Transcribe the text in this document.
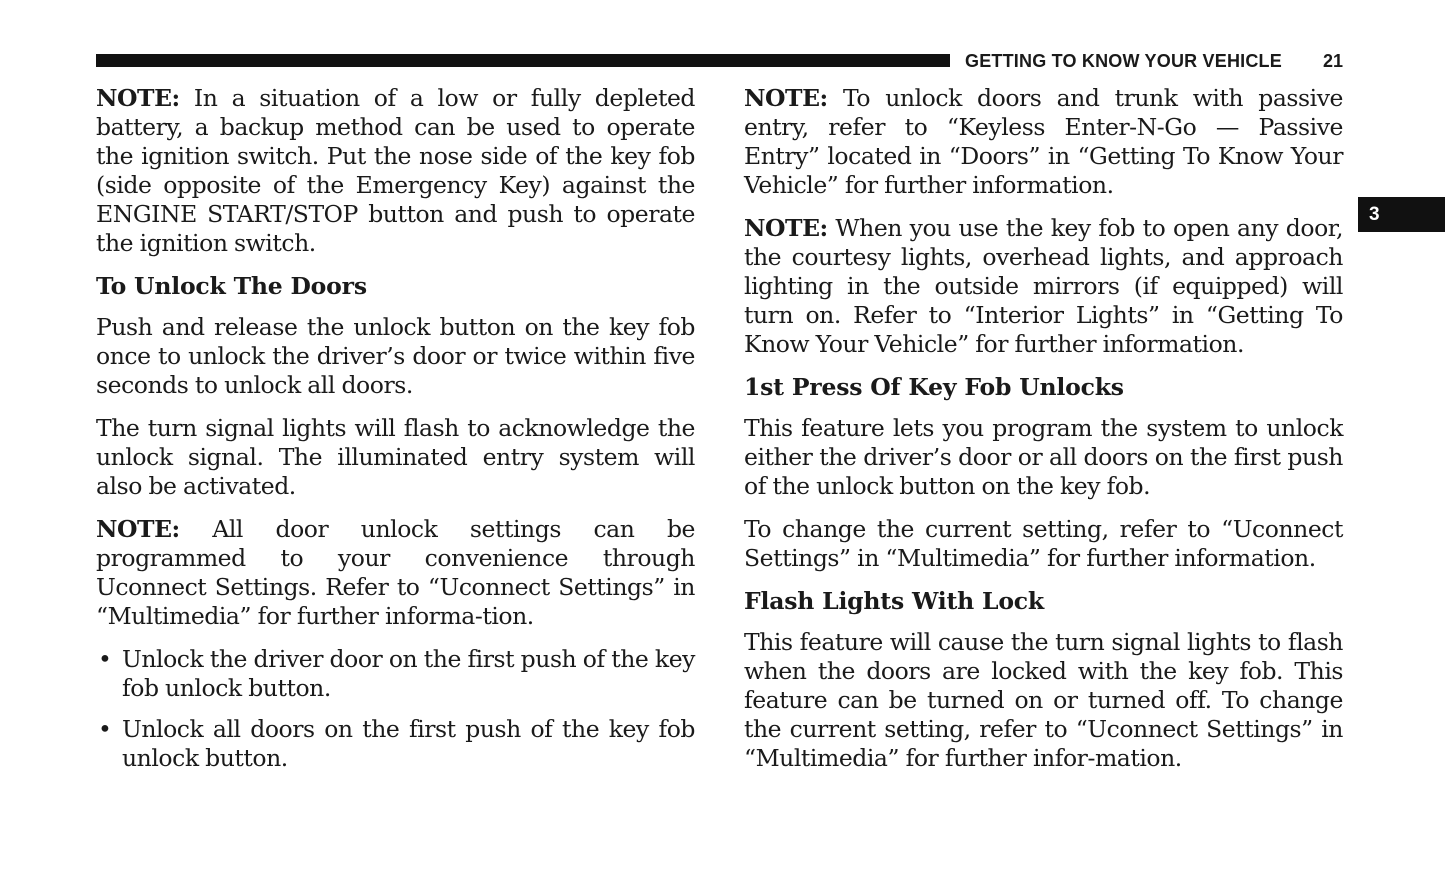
GETTING TO KNOW YOUR VEHICLE 21
3

NOTE: In a situation of a low or fully depleted battery, a backup method can be used to operate the ignition switch. Put the nose side of the key fob (side opposite of the Emergency Key) against the ENGINE START/STOP button and push to operate the ignition switch.

To Unlock The Doors

Push and release the unlock button on the key fob once to unlock the driver’s door or twice within five seconds to unlock all doors.

The turn signal lights will flash to acknowledge the unlock signal. The illuminated entry system will also be activated.

NOTE: All door unlock settings can be programmed to your convenience through Uconnect Settings. Refer to “Uconnect Settings” in “Multimedia” for further informa-tion.

• Unlock the driver door on the first push of the key fob unlock button.
• Unlock all doors on the first push of the key fob unlock button.

NOTE: To unlock doors and trunk with passive entry, refer to “Keyless Enter-N-Go — Passive Entry” located in “Doors” in “Getting To Know Your Vehicle” for further information.

NOTE: When you use the key fob to open any door, the courtesy lights, overhead lights, and approach lighting in the outside mirrors (if equipped) will turn on. Refer to “Interior Lights” in “Getting To Know Your Vehicle” for further information.

1st Press Of Key Fob Unlocks

This feature lets you program the system to unlock either the driver’s door or all doors on the first push of the unlock button on the key fob.

To change the current setting, refer to “Uconnect Settings” in “Multimedia” for further information.

Flash Lights With Lock

This feature will cause the turn signal lights to flash when the doors are locked with the key fob. This feature can be turned on or turned off. To change the current setting, refer to “Uconnect Settings” in “Multimedia” for further infor-mation.
